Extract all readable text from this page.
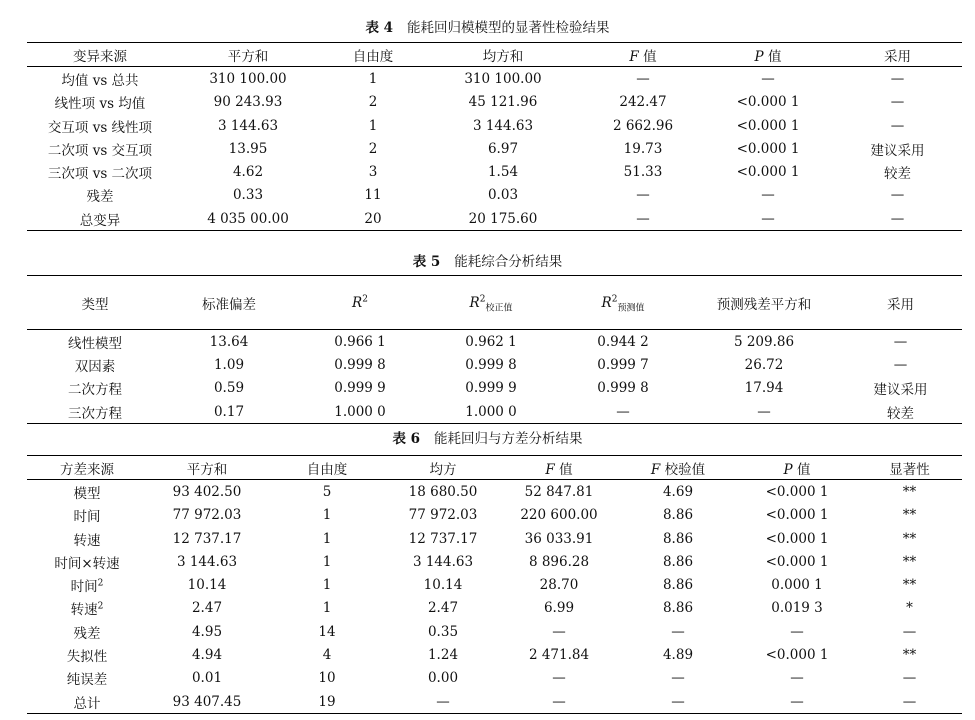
表 4 能耗回归模模型的显著性检验结果
变异来源	平方和	自由度	均方和	F 值	P 值	采用
均值 vs 总共	310 100.00	1	310 100.00	—	—	—
线性项 vs 均值	90 243.93	2	45 121.96	242.47	<0.000 1	—
交互项 vs 线性项	3 144.63	1	3 144.63	2 662.96	<0.000 1	—
二次项 vs 交互项	13.95	2	6.97	19.73	<0.000 1	建议采用
三次项 vs 二次项	4.62	3	1.54	51.33	<0.000 1	较差
残差	0.33	11	0.03	—	—	—
总变异	4 035 00.00	20	20 175.60	—	—	—
表 5 能耗综合分析结果
类型	标准偏差	$R^2$	$R^2_{校正值}$	$R^2_{预测值}$	预测残差平方和	采用
线性模型	13.64	0.966 1	0.962 1	0.944 2	5 209.86	—
双因素	1.09	0.999 8	0.999 8	0.999 7	26.72	—
二次方程	0.59	0.999 9	0.999 9	0.999 8	17.94	建议采用
三次方程	0.17	1.000 0	1.000 0	—	—	较差
表 6 能耗回归与方差分析结果
方差来源	平方和	自由度	均方	F 值	F 校验值	P 值	显著性
模型	93 402.50	5	18 680.50	52 847.81	4.69	<0.000 1	**
时间	77 972.03	1	77 972.03	220 600.00	8.86	<0.000 1	**
转速	12 737.17	1	12 737.17	36 033.91	8.86	<0.000 1	**
时间×转速	3 144.63	1	3 144.63	8 896.28	8.86	<0.000 1	**
时间$^2$	10.14	1	10.14	28.70	8.86	0.000 1	**
转速$^2$	2.47	1	2.47	6.99	8.86	0.019 3	*
残差	4.95	14	0.35	—	—	—	—
失拟性	4.94	4	1.24	2 471.84	4.89	<0.000 1	**
纯误差	0.01	10	0.00	—	—	—	—
总计	93 407.45	19	—	—	—	—	—
